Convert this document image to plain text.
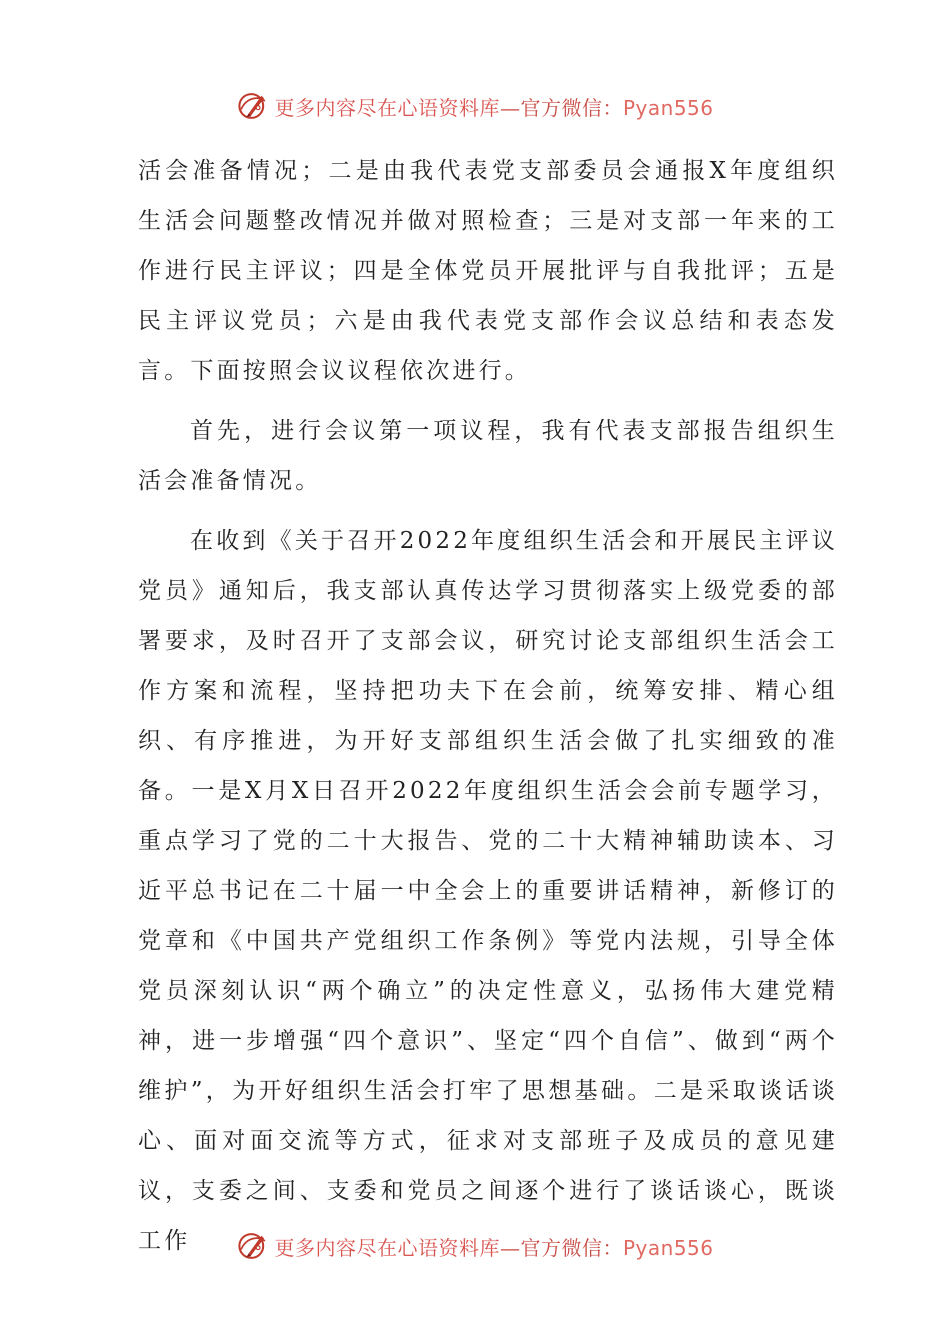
更多内容尽在心语资料库—官方微信：Pyan556

活会准备情况；二是由我代表党支部委员会通报X年度组织生活会问题整改情况并做对照检查；三是对支部一年来的工作进行民主评议；四是全体党员开展批评与自我批评；五是民主评议党员；六是由我代表党支部作会议总结和表态发言。下面按照会议议程依次进行。

首先，进行会议第一项议程，我有代表支部报告组织生活会准备情况。

在收到《关于召开2022年度组织生活会和开展民主评议党员》通知后，我支部认真传达学习贯彻落实上级党委的部署要求，及时召开了支部会议，研究讨论支部组织生活会工作方案和流程，坚持把功夫下在会前，统筹安排、精心组织、有序推进，为开好支部组织生活会做了扎实细致的准备。一是X月X日召开2022年度组织生活会会前专题学习，重点学习了党的二十大报告、党的二十大精神辅助读本、习近平总书记在二十届一中全会上的重要讲话精神，新修订的党章和《中国共产党组织工作条例》等党内法规，引导全体党员深刻认识“两个确立”的决定性意义，弘扬伟大建党精神，进一步增强“四个意识”、坚定“四个自信”、做到“两个维护”，为开好组织生活会打牢了思想基础。二是采取谈话谈心、面对面交流等方式，征求对支部班子及成员的意见建议，支委之间、支委和党员之间逐个进行了谈话谈心，既谈工作	更多内容尽在心语资料库—官方微信：Pyan556
